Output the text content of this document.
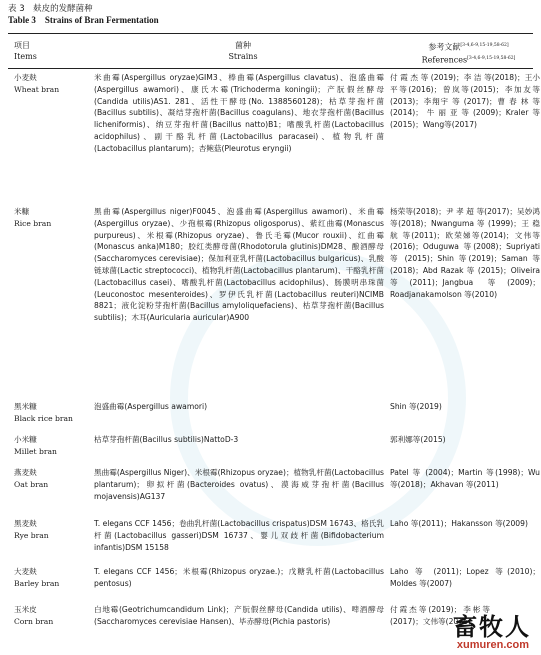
表 3　麸皮的发酵菌种
Table 3　Strains of Bran Fermentation
项目
Items
菌种
Strains
参考文献[3-4,6-9,15-19,58-62]
References[3-4,6-9,15-19,58-62]
小麦麸
Wheat bran
米曲霉(Aspergillus oryzae)GIM3、棒曲霉(Aspergillus clavatus)、泡盛曲霉(Aspergillus awamori)、康氏木霉(Trichoderma koningii)；产朊假丝酵母(Candida utilis)AS1. 281、活性干酵母(No. 1388560128)；枯草芽孢杆菌(Bacillus subtilis)、凝结芽孢杆菌(Bacillus coagulans)、地衣芽孢杆菌(Bacillus licheniformis)、纳豆芽孢杆菌(Bacillus natto)B1；嗜酸乳杆菌(Lactobacillus acidophilus)、副干酪乳杆菌(Lactobacillus paracasei)、植物乳杆菌(Lactobacillus plantarum)；杏鲍菇(Pleurotus eryngii)
付 霞 杰 等 (2019)；李 洁 等(2018)；王小平等(2016)；曾岚等(2015)；李加友等(2013)；李翔宇 等 (2017)；曹 春 林 等(2014)；牛丽亚等(2009)；Kraler等(2015)；Wang等(2017)
米糠
Rice bran
黑曲霉(Aspergillus niger)F0045、泡盛曲霉(Aspergillus awamori)、米曲霉(Aspergillus oryzae)、少孢根霉(Rhizopus oligosporus)、紫红曲霉(Monascus purpureus)、米根霉(Rhizopus oryzae)、鲁氏毛霉(Mucor rouxii)、红曲霉(Monascus anka)M180；胶红类酵母菌(Rhodotorula glutinis)DM28、酿酒酵母(Saccharomyces cerevisiae)；保加利亚乳杆菌(Lactobacillus bulgaricus)、乳酸链球菌(Lactic streptococci)、植物乳杆菌(Lactobacillus plantarum)、干酪乳杆菌(Lactobacillus casei)、嗜酸乳杆菌(Lactobacillus acidophilus)、肠膜明串珠菌(Leuconostoc mesenteroides)、罗伊氏乳杆菌(Lactobacillus reuteri)NCIMB 8821；液化淀粉芽孢杆菌(Bacillus amyloliquefaciens)、枯草芽孢杆菌(Bacillus subtilis)；木耳(Auricularia auricular)A900
杨荣等(2018)；尹 孝 超 等(2017)；吴妙鸿等(2018)；Nwanguma 等 (1999)；王 稳 航 等(2011)；欧荣娣等(2014)；文伟等(2016)；Oduguwa 等(2008)；Supriyati 等 (2015)；Shin 等(2019)；Saman 等(2018)；Abd Razak 等 (2015)；Oliveira 等(2011)；Jangbua 等(2009)；Roadjanakamolson 等(2010)
黑米糠
Black rice bran
泡盛曲霉(Aspergillus awamori)	Shin 等(2019)
小米糠
Millet bran
枯草芽孢杆菌(Bacillus subtilis)NattoD-3	郭利娜等(2015)
燕麦麸
Oat bran
黑曲霉(Aspergillus Niger)、米根霉(Rhizopus oryzae)；植物乳杆菌(Lactobacillus plantarum)；卵拟杆菌(Bacteroides ovatus)、漠海威芽孢杆菌(Bacillus mojavensis)AG137
Patel 等 (2004)；Martin 等(1998)；Wu 等(2018)；Akhavan 等(2011)
黑麦麸
Rye bran
T. elegans CCF 1456；卷曲乳杆菌(Lactobacillus crispatus)DSM 16743、格氏乳杆菌(Lactobacillus gasseri)DSM 16737、婴儿双歧杆菌(Bifidobacterium infantis)DSM 15158
Laho 等(2011)；Hakansson 等(2009)
大麦麸
Barley bran
T. elegans CCF 1456；米根霉(Rhizopus oryzae.)；戊糖乳杆菌(Lactobacillus pentosus)
Laho 等 (2011)；Lopez 等(2010)；Moldes 等(2007)
玉米皮
Corn bran
白地霉(Geotrichumcandidum Link)；产朊假丝酵母(Candida utilis)、啤酒酵母(Saccharomyces cerevisiae Hansen)、毕赤酵母(Pichia pastoris)
付霞杰等(2019)；李彬等(2017)；文伟等(2016)
畜牧人
xumuren.com
